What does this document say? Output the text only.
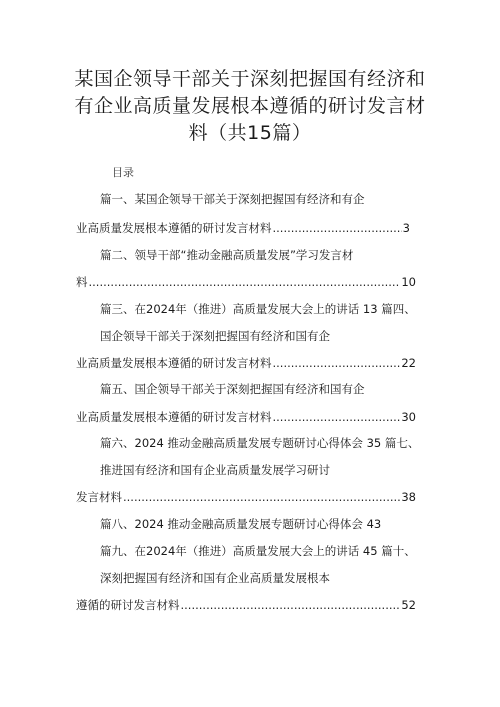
某国企领导干部关于深刻把握国有经济和
有企业高质量发展根本遵循的研讨发言材
料（共15篇）
目录
篇一、某国企领导干部关于深刻把握国有经济和有企
业高质量发展根本遵循的研讨发言材料 .....	3
篇二、领导干部“推动金融高质量发展”学习发言材
料 .....	10
篇三、在2024年（推进）高质量发展大会上的讲话 13 篇四、
国企领导干部关于深刻把握国有经济和国有企
业高质量发展根本遵循的研讨发言材料 .....	22
篇五、国企领导干部关于深刻把握国有经济和国有企
业高质量发展根本遵循的研讨发言材料 .....	30
篇六、2024 推动金融高质量发展专题研讨心得体会 35 篇七、
推进国有经济和国有企业高质量发展学习研讨
发言材料 .....	38
篇八、2024 推动金融高质量发展专题研讨心得体会 43
篇九、在2024年（推进）高质量发展大会上的讲话 45 篇十、
深刻把握国有经济和国有企业高质量发展根本
遵循的研讨发言材料 .....	52
